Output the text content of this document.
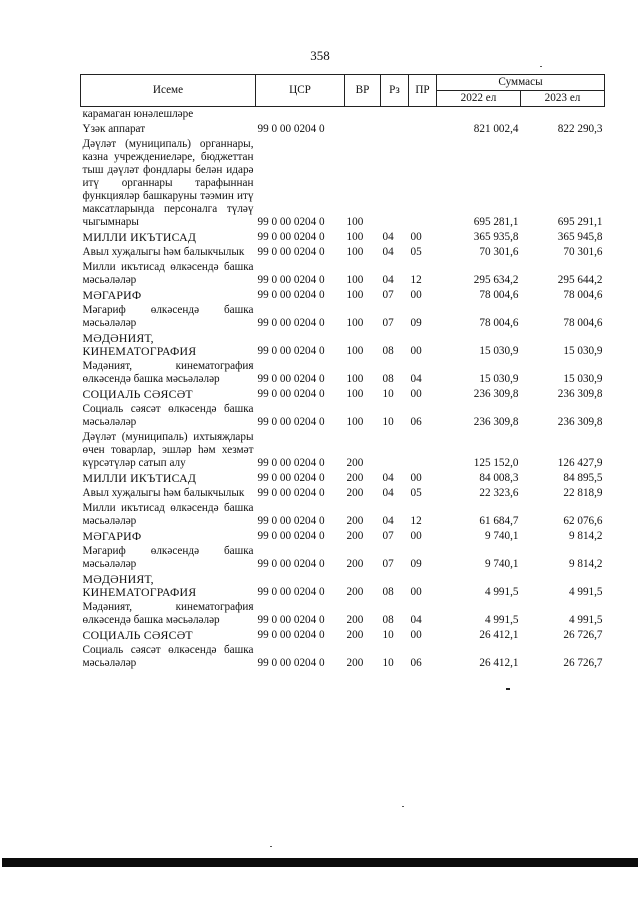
358
Исеме	ЦСР	ВР	Рз	ПР	Суммасы	
					2022 ел	2023 ел
карамаган юнәлешләре						
Үзәк аппарат	99 0 00 0204 0				821 002,4	822 290,3
Дәүләт (муниципаль) органнары, казна учреждениеләре, бюджеттан тыш дәүләт фондлары белән идарә итү органнары тарафыннан функцияләр башкаруны тәэмин итү максатларында персоналга түләү чыгымнары	99 0 00 0204 0	100			695 281,1	695 291,1
МИЛЛИ ИКЪТИСАД	99 0 00 0204 0	100	04	00	365 935,8	365 945,8
Авыл хуҗалыгы һәм балыкчылык	99 0 00 0204 0	100	04	05	70 301,6	70 301,6
Милли икътисад өлкәсендә башка мәсьәләләр	99 0 00 0204 0	100	04	12	295 634,2	295 644,2
МӘГАРИФ	99 0 00 0204 0	100	07	00	78 004,6	78 004,6
Мәгариф өлкәсендә башка мәсьәләләр	99 0 00 0204 0	100	07	09	78 004,6	78 004,6
МӘДӘНИЯТ, КИНЕМАТОГРАФИЯ	99 0 00 0204 0	100	08	00	15 030,9	15 030,9
Мәдәният, кинематография өлкәсендә башка мәсьәләләр	99 0 00 0204 0	100	08	04	15 030,9	15 030,9
СОЦИАЛЬ СӘЯСӘТ	99 0 00 0204 0	100	10	00	236 309,8	236 309,8
Социаль сәясәт өлкәсендә башка мәсьәләләр	99 0 00 0204 0	100	10	06	236 309,8	236 309,8
Дәүләт (муниципаль) ихтыяҗлары өчен товарлар, эшләр һәм хезмәт күрсәтүләр сатып алу	99 0 00 0204 0	200			125 152,0	126 427,9
МИЛЛИ ИКЪТИСАД	99 0 00 0204 0	200	04	00	84 008,3	84 895,5
Авыл хуҗалыгы һәм балыкчылык	99 0 00 0204 0	200	04	05	22 323,6	22 818,9
Милли икътисад өлкәсендә башка мәсьәләләр	99 0 00 0204 0	200	04	12	61 684,7	62 076,6
МӘГАРИФ	99 0 00 0204 0	200	07	00	9 740,1	9 814,2
Мәгариф өлкәсендә башка мәсьәләләр	99 0 00 0204 0	200	07	09	9 740,1	9 814,2
МӘДӘНИЯТ, КИНЕМАТОГРАФИЯ	99 0 00 0204 0	200	08	00	4 991,5	4 991,5
Мәдәният, кинематография өлкәсендә башка мәсьәләләр	99 0 00 0204 0	200	08	04	4 991,5	4 991,5
СОЦИАЛЬ СӘЯСӘТ	99 0 00 0204 0	200	10	00	26 412,1	26 726,7
Социаль сәясәт өлкәсендә башка мәсьәләләр	99 0 00 0204 0	200	10	06	26 412,1	26 726,7
